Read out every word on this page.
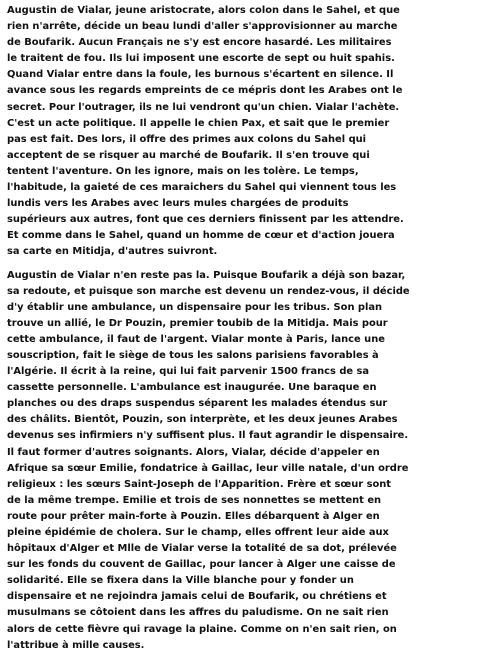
Augustin de Vialar, jeune aristocrate, alors colon dans le Sahel, et que
rien n'arrête, décide un beau lundi d'aller s'approvisionner au marche
de Boufarik. Aucun Français ne s'y est encore hasardé. Les militaires
le traitent de fou. Ils lui imposent une escorte de sept ou huit spahis.
Quand Vialar entre dans la foule, les burnous s'écartent en silence. Il
avance sous les regards empreints de ce mépris dont les Arabes ont le
secret. Pour l'outrager, ils ne lui vendront qu'un chien. Vialar l'achète.
C'est un acte politique. Il appelle le chien Pax, et sait que le premier
pas est fait. Des lors, il offre des primes aux colons du Sahel qui
acceptent de se risquer au marché de Boufarik. Il s'en trouve qui
tentent l'aventure. On les ignore, mais on les tolère. Le temps,
l'habitude, la gaieté de ces maraichers du Sahel qui viennent tous les
lundis vers les Arabes avec leurs mules chargées de produits
supérieurs aux autres, font que ces derniers finissent par les attendre.
Et comme dans le Sahel, quand un homme de cœur et d'action jouera
sa carte en Mitidja, d'autres suivront.

Augustin de Vialar n'en reste pas la. Puisque Boufarik a déjà son bazar,
sa redoute, et puisque son marche est devenu un rendez-vous, il décide
d'y établir une ambulance, un dispensaire pour les tribus. Son plan
trouve un allié, le Dr Pouzin, premier toubib de la Mitidja. Mais pour
cette ambulance, il faut de l'argent. Vialar monte à Paris, lance une
souscription, fait le siège de tous les salons parisiens favorables à
l'Algérie. Il écrit à la reine, qui lui fait parvenir 1500 francs de sa
cassette personnelle. L'ambulance est inaugurée. Une baraque en
planches ou des draps suspendus séparent les malades étendus sur
des châlits. Bientôt, Pouzin, son interprète, et les deux jeunes Arabes
devenus ses infirmiers n'y suffisent plus. Il faut agrandir le dispensaire.
Il faut former d'autres soignants. Alors, Vialar, décide d'appeler en
Afrique sa sœur Emilie, fondatrice à Gaillac, leur ville natale, d'un ordre
religieux : les sœurs Saint-Joseph de l'Apparition. Frère et sœur sont
de la même trempe. Emilie et trois de ses nonnettes se mettent en
route pour prêter main-forte à Pouzin. Elles débarquent à Alger en
pleine épidémie de cholera. Sur le champ, elles offrent leur aide aux
hôpitaux d'Alger et Mlle de Vialar verse la totalité de sa dot, prélevée
sur les fonds du couvent de Gaillac, pour lancer à Alger une caisse de
solidarité. Elle se fixera dans la Ville blanche pour y fonder un
dispensaire et ne rejoindra jamais celui de Boufarik, ou chrétiens et
musulmans se côtoient dans les affres du paludisme. On ne sait rien
alors de cette fièvre qui ravage la plaine. Comme on n'en sait rien, on
l'attribue à mille causes.
